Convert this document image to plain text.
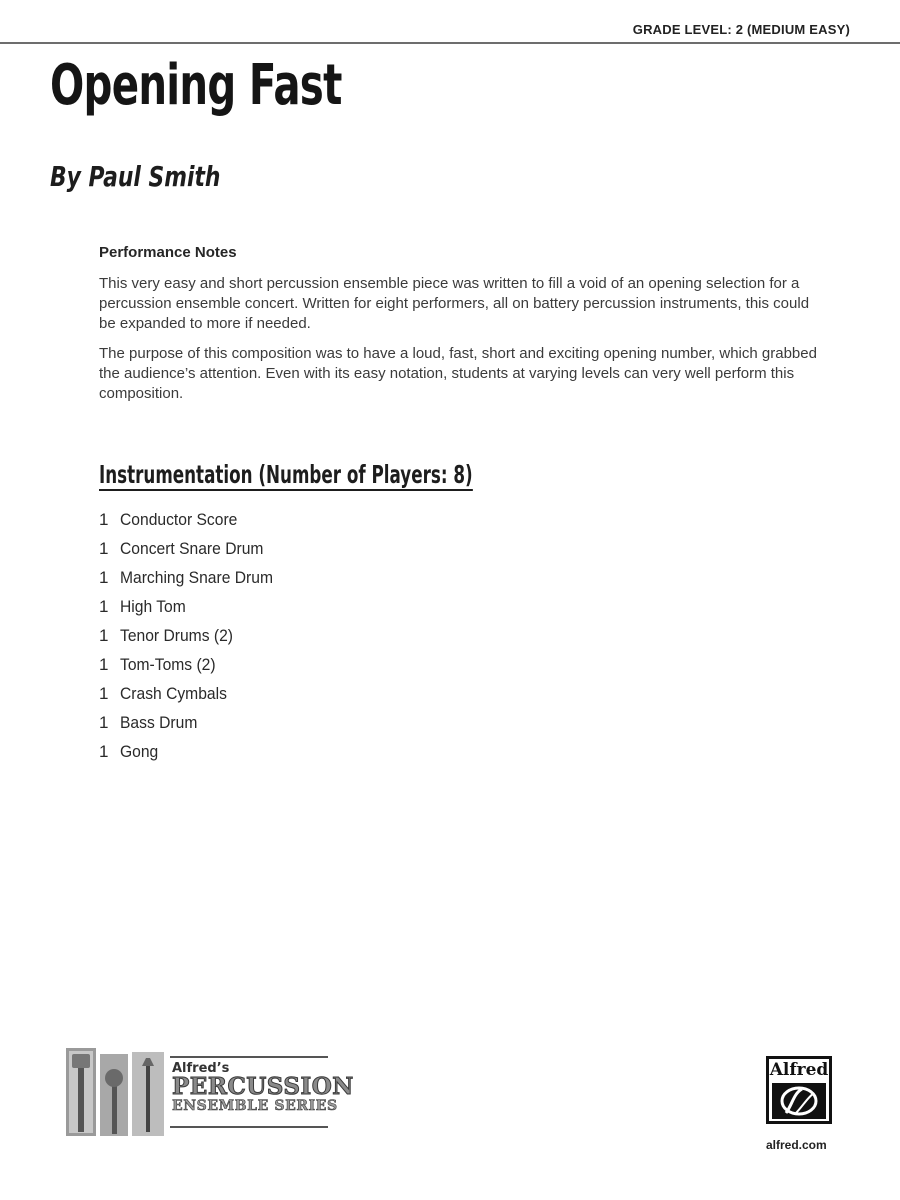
GRADE LEVEL: 2 (MEDIUM EASY)
Opening Fast
By Paul Smith
Performance Notes

This very easy and short percussion ensemble piece was written to fill a void of an opening selection for a percussion ensemble concert. Written for eight performers, all on battery percussion instruments, this could be expanded to more if needed.

The purpose of this composition was to have a loud, fast, short and exciting opening number, which grabbed the audience’s attention. Even with its easy notation, students at varying levels can very well perform this composition.

Instrumentation (Number of Players: 8)
1 Conductor Score
1 Concert Snare Drum
1 Marching Snare Drum
1 High Tom
1 Tenor Drums (2)
1 Tom-Toms (2)
1 Crash Cymbals
1 Bass Drum
1 Gong
Alfred’s
PERCUSSION
ENSEMBLE SERIES
Alfred
alfred.com
